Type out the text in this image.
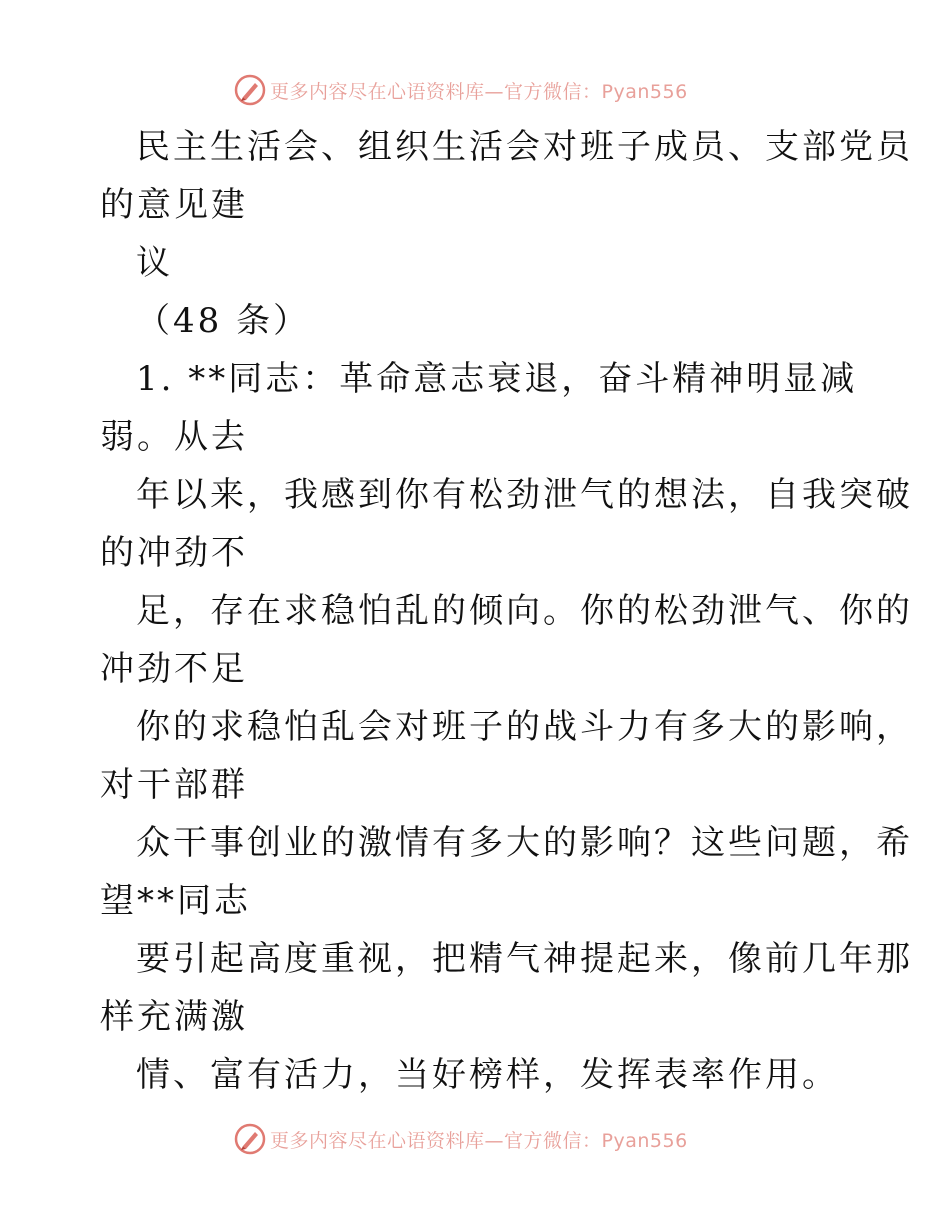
更多内容尽在心语资料库—官方微信：Pyan556
民主生活会、组织生活会对班子成员、支部党员
的意见建
议
（48 条）
1. **同志：革命意志衰退，奋斗精神明显减
弱。从去
年以来，我感到你有松劲泄气的想法，自我突破
的冲劲不
足，存在求稳怕乱的倾向。你的松劲泄气、你的
冲劲不足
你的求稳怕乱会对班子的战斗力有多大的影响，
对干部群
众干事创业的激情有多大的影响？这些问题，希
望**同志
要引起高度重视，把精气神提起来，像前几年那
样充满激
情、富有活力，当好榜样，发挥表率作用。
更多内容尽在心语资料库—官方微信：Pyan556
